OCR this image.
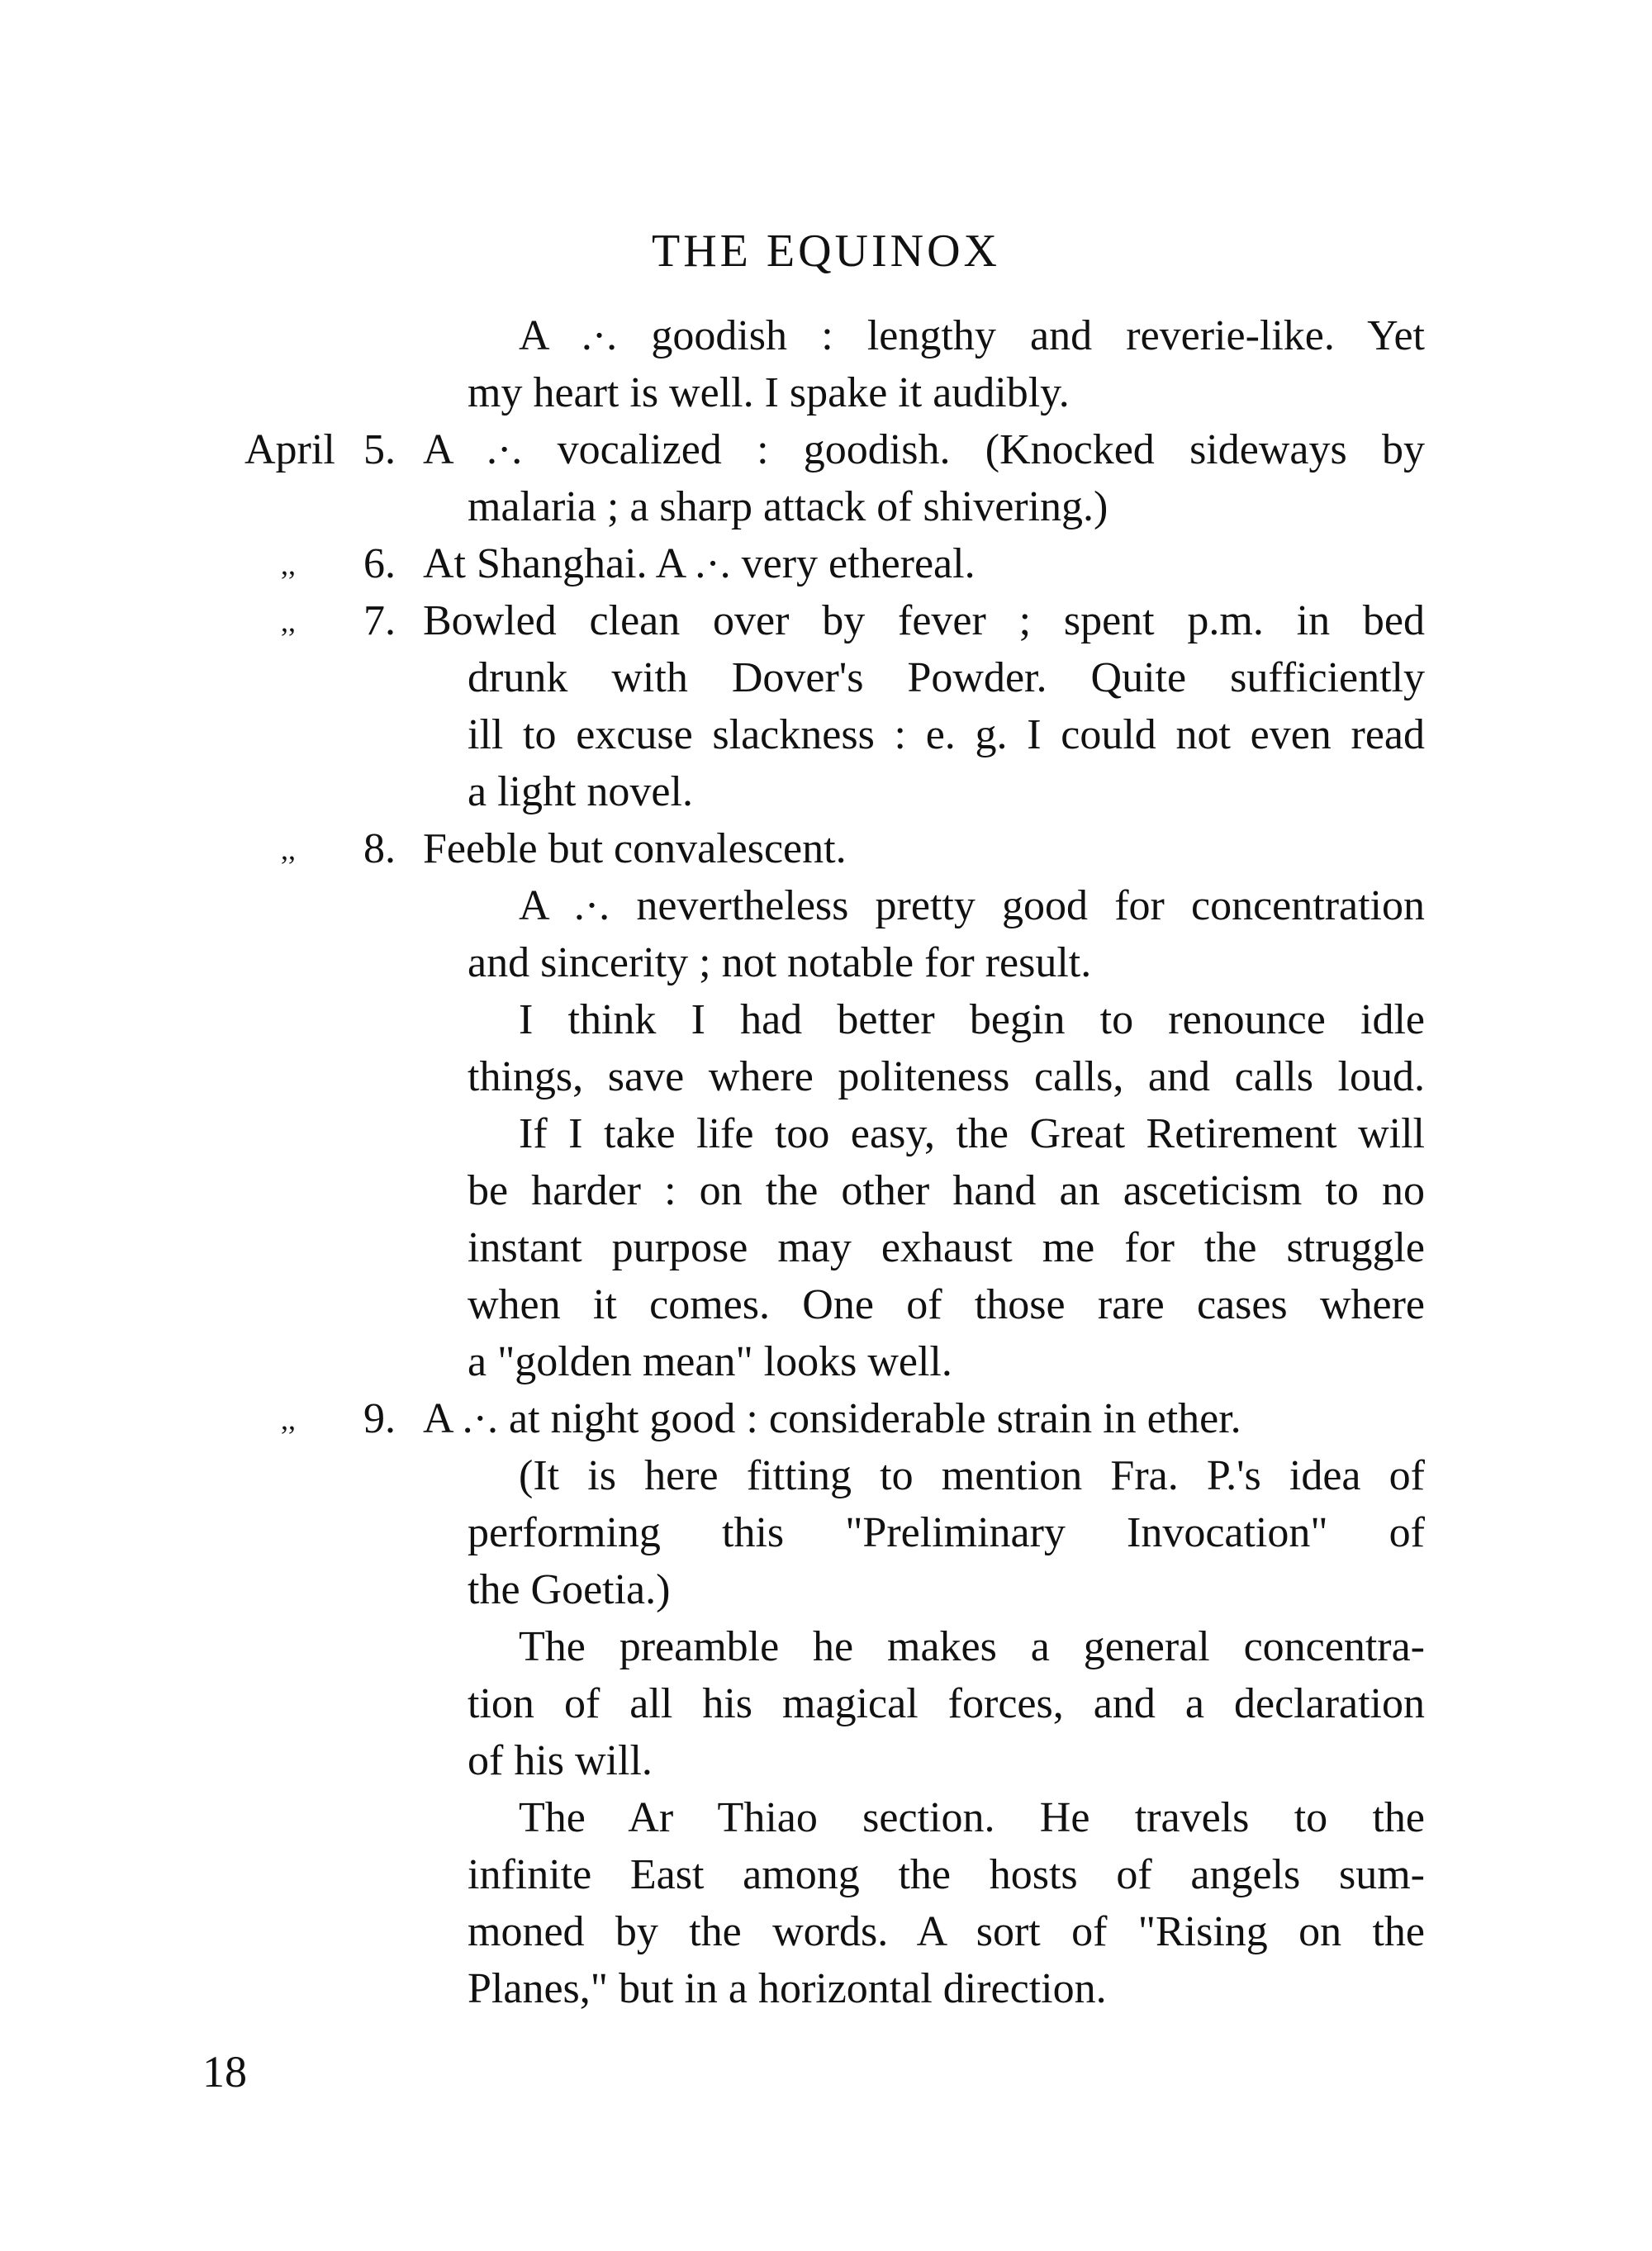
THE EQUINOX
A .·. goodish : lengthy and reverie-like. Yet
my heart is well. I spake it audibly.
April 5. A .·. vocalized : goodish. (Knocked sideways by
malaria ; a sharp attack of shivering.)
,, 6. At Shanghai. A .·. very ethereal.
,, 7. Bowled clean over by fever ; spent p.m. in bed
drunk with Dover's Powder. Quite sufficiently
ill to excuse slackness : e. g. I could not even read
a light novel.
,, 8. Feeble but convalescent.
A .·. nevertheless pretty good for concentration
and sincerity ; not notable for result.
I think I had better begin to renounce idle
things, save where politeness calls, and calls loud.
If I take life too easy, the Great Retirement will
be harder : on the other hand an asceticism to no
instant purpose may exhaust me for the struggle
when it comes. One of those rare cases where
a "golden mean" looks well.
,, 9. A .·. at night good : considerable strain in ether.
(It is here fitting to mention Fra. P.'s idea of
performing this "Preliminary Invocation" of
the Goetia.)
The preamble he makes a general concentra-
tion of all his magical forces, and a declaration
of his will.
The Ar Thiao section. He travels to the
infinite East among the hosts of angels sum-
moned by the words. A sort of "Rising on the
Planes," but in a horizontal direction.
18
